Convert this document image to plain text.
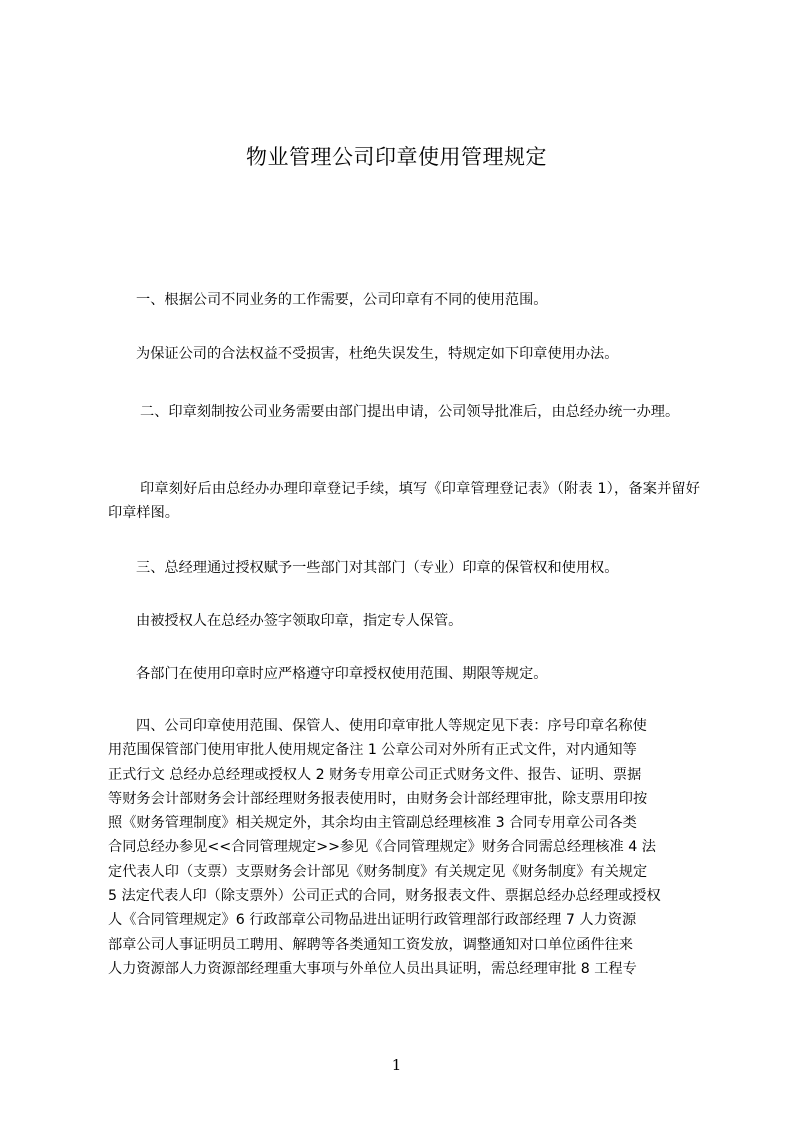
物业管理公司印章使用管理规定
一、根据公司不同业务的工作需要，公司印章有不同的使用范围。
为保证公司的合法权益不受损害，杜绝失误发生，特规定如下印章使用办法。
二、印章刻制按公司业务需要由部门提出申请，公司领导批准后，由总经办统一办理。
印章刻好后由总经办办理印章登记手续，填写《印章管理登记表》（附表 1），备案并留好印章样图。
三、总经理通过授权赋予一些部门对其部门（专业）印章的保管权和使用权。
由被授权人在总经办签字领取印章，指定专人保管。
各部门在使用印章时应严格遵守印章授权使用范围、期限等规定。
四、公司印章使用范围、保管人、使用印章审批人等规定见下表：序号印章名称使
用范围保管部门使用审批人使用规定备注 1 公章公司对外所有正式文件，对内通知等
正式行文 总经办总经理或授权人 2 财务专用章公司正式财务文件、报告、证明、票据
等财务会计部财务会计部经理财务报表使用时，由财务会计部经理审批，除支票用印按
照《财务管理制度》相关规定外，其余均由主管副总经理核准 3 合同专用章公司各类
合同总经办参见<<合同管理规定>>参见《合同管理规定》财务合同需总经理核准 4 法
定代表人印（支票）支票财务会计部见《财务制度》有关规定见《财务制度》有关规定
5 法定代表人印（除支票外）公司正式的合同，财务报表文件、票据总经办总经理或授权
人《合同管理规定》6 行政部章公司物品进出证明行政管理部行政部经理 7 人力资源
部章公司人事证明员工聘用、解聘等各类通知工资发放，调整通知对口单位函件往来
人力资源部人力资源部经理重大事项与外单位人员出具证明，需总经理审批 8 工程专
1
